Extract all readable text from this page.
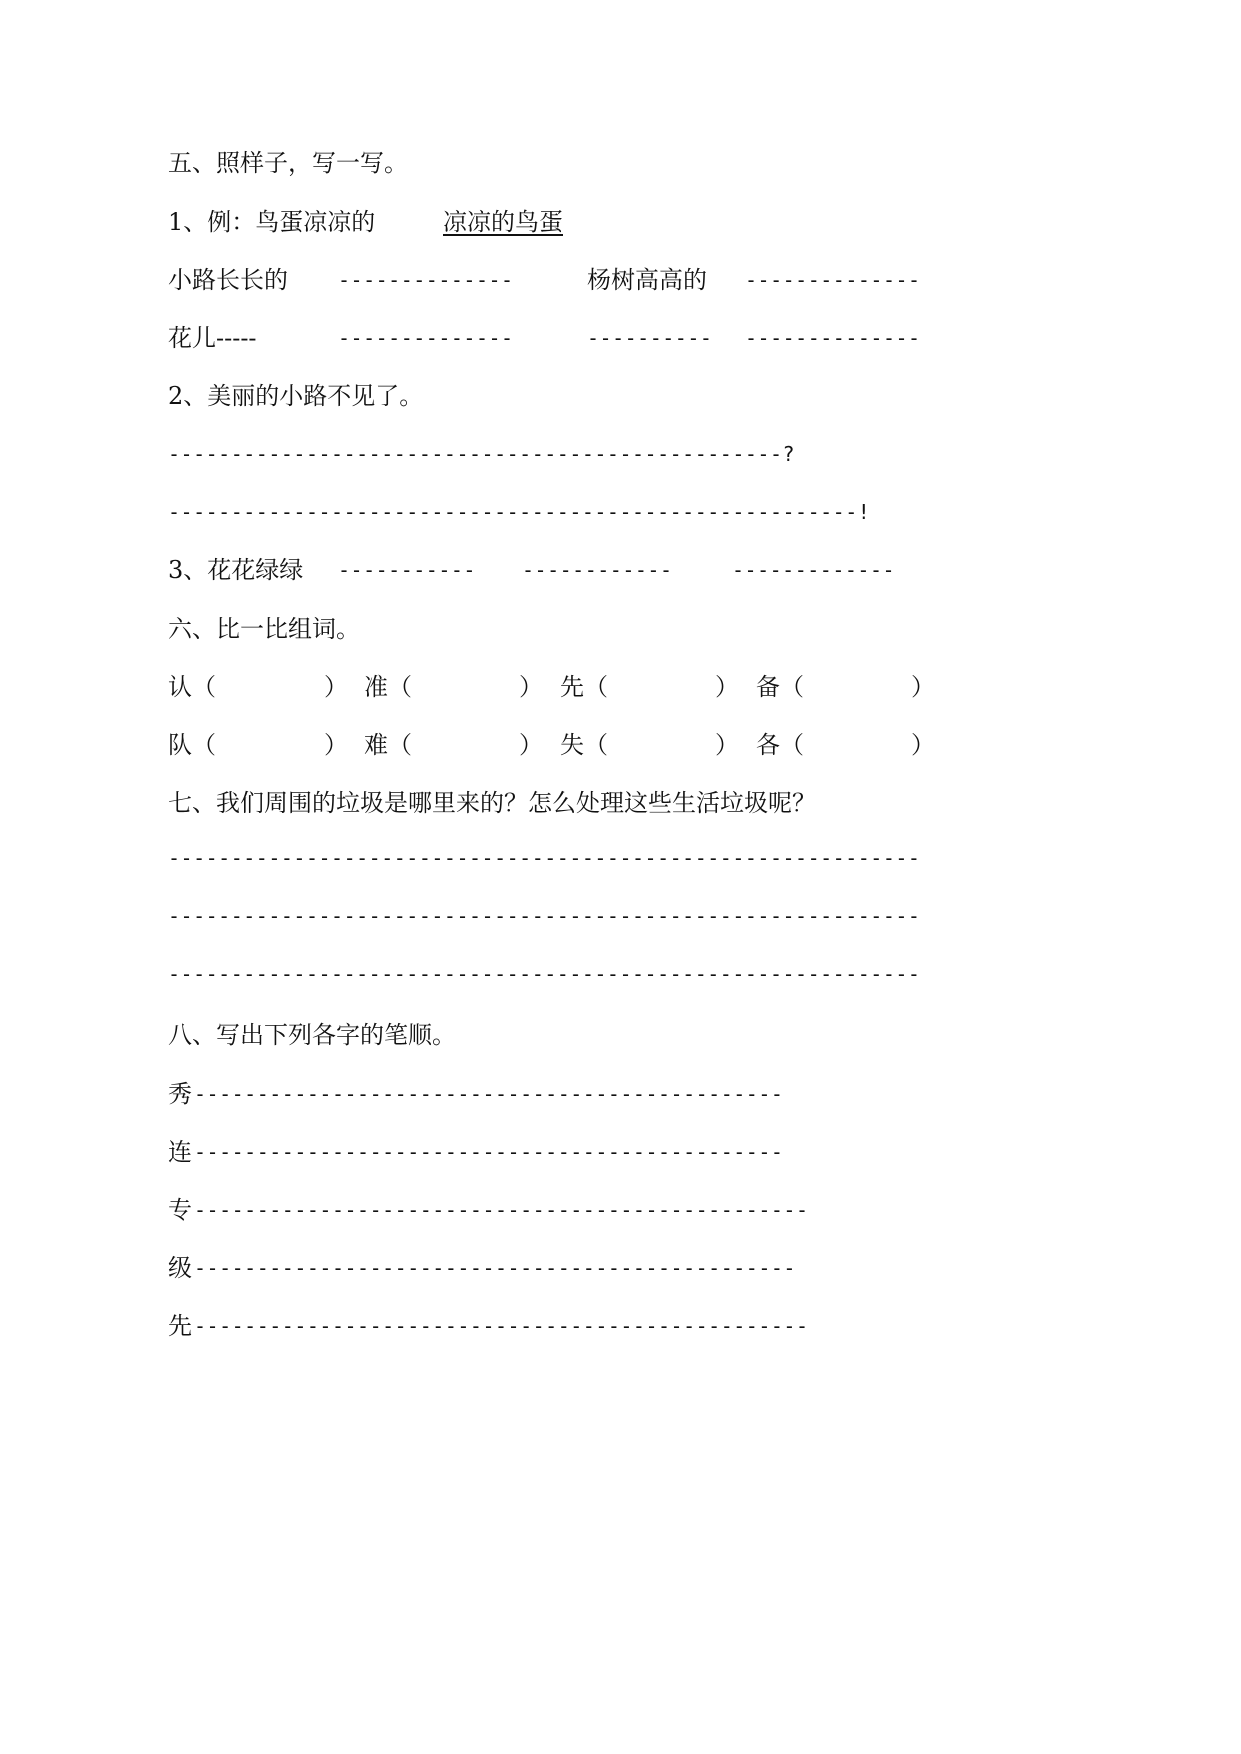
五、照样子，写一写。
1、例：鸟蛋凉凉的	凉凉的鸟蛋
小路长长的	--------------	杨树高高的 --------------
花儿-----	--------------	---------- --------------
2、美丽的小路不见了。
-------------------------------------------------?
-------------------------------------------------------!
3、花花绿绿 ----------- ------------	-------------
六、比一比组词。
认（	） 准（	） 先（	） 备（	）
队（	） 难（	） 失（	） 各（	）
七、我们周围的垃圾是哪里来的？怎么处理这些生活垃圾呢？
------------------------------------------------------------
------------------------------------------------------------
------------------------------------------------------------
八、写出下列各字的笔顺。
秀 -----------------------------------------------
连 -----------------------------------------------
专 -------------------------------------------------
级 ------------------------------------------------
先 -------------------------------------------------
